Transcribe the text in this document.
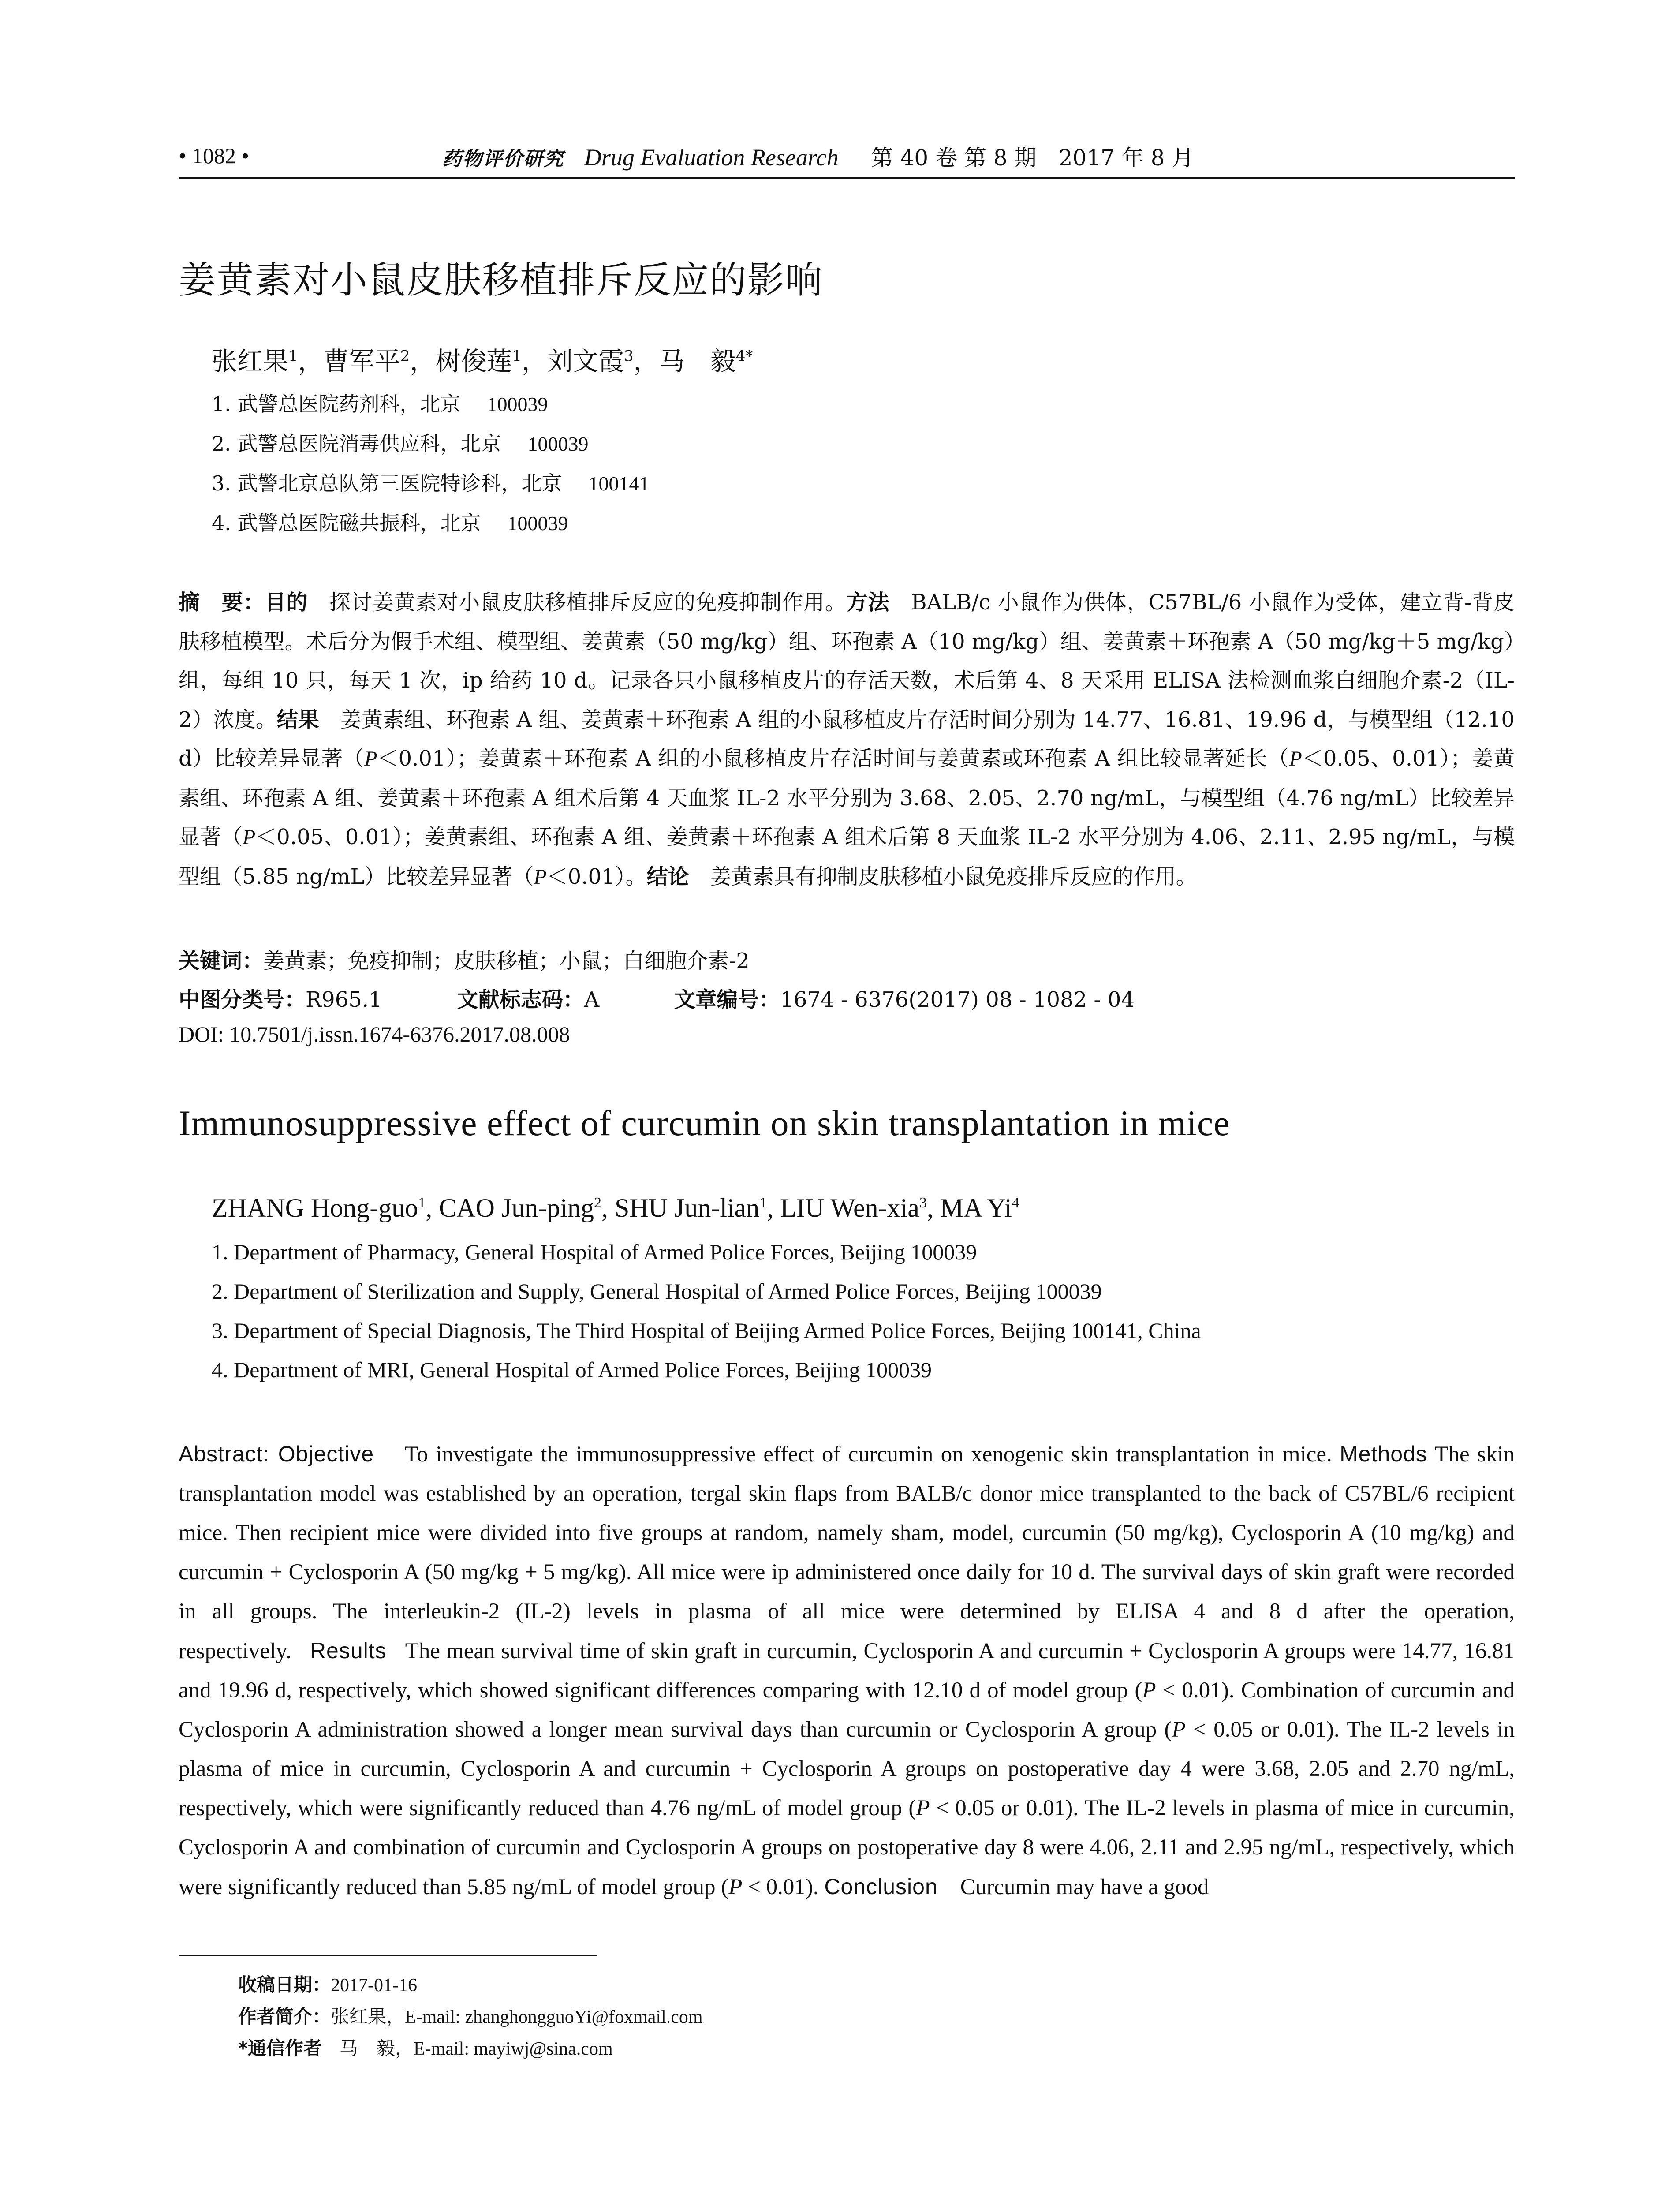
• 1082 •	药物评价研究 Drug Evaluation Research 第 40 卷 第 8 期　2017 年 8 月
姜黄素对小鼠皮肤移植排斥反应的影响
张红果$^1$，曹军平$^2$，树俊莲$^1$，刘文霞$^3$，马　毅$^{4*}$
1. 武警总医院药剂科，北京 100039
2. 武警总医院消毒供应科，北京 100039
3. 武警北京总队第三医院特诊科，北京 100141
4. 武警总医院磁共振科，北京 100039
摘　要：目的　 探讨姜黄素对小鼠皮肤移植排斥反应的免疫抑制作用。方法　 BALB/c 小鼠作为供体，C57BL/6 小鼠作为受体，建立背-背皮肤移植模型。术后分为假手术组、模型组、姜黄素（50 mg/kg）组、环孢素 A（10 mg/kg）组、姜黄素＋环孢素 A（50 mg/kg＋5 mg/kg）组，每组 10 只，每天 1 次，ip 给药 10 d。记录各只小鼠移植皮片的存活天数，术后第 4、8 天采用 ELISA 法检测血浆白细胞介素-2（IL-2）浓度。结果　 姜黄素组、环孢素 A 组、姜黄素＋环孢素 A 组的小鼠移植皮片存活时间分别为 14.77、16.81、19.96 d，与模型组（12.10 d）比较差异显著（P＜0.01）；姜黄素＋环孢素 A 组的小鼠移植皮片存活时间与姜黄素或环孢素 A 组比较显著延长（P＜0.05、0.01）；姜黄素组、环孢素 A 组、姜黄素＋环孢素 A 组术后第 4 天血浆 IL-2 水平分别为 3.68、2.05、2.70 ng/mL，与模型组（4.76 ng/mL）比较差异显著（P＜0.05、0.01）；姜黄素组、环孢素 A 组、姜黄素＋环孢素 A 组术后第 8 天血浆 IL-2 水平分别为 4.06、2.11、2.95 ng/mL，与模型组（5.85 ng/mL）比较差异显著（P＜0.01）。结论　 姜黄素具有抑制皮肤移植小鼠免疫排斥反应的作用。
关键词：姜黄素；免疫抑制；皮肤移植；小鼠；白细胞介素-2
中图分类号：R965.1	文献标志码：A	文章编号：1674 - 6376(2017) 08 - 1082 - 04
DOI: 10.7501/j.issn.1674-6376.2017.08.008
Immunosuppressive effect of curcumin on skin transplantation in mice
ZHANG Hong-guo$^1$, CAO Jun-ping$^2$, SHU Jun-lian$^1$, LIU Wen-xia$^3$, MA Yi$^4$
1. Department of Pharmacy, General Hospital of Armed Police Forces, Beijing 100039
2. Department of Sterilization and Supply, General Hospital of Armed Police Forces, Beijing 100039
3. Department of Special Diagnosis, The Third Hospital of Beijing Armed Police Forces, Beijing 100141, China
4. Department of MRI, General Hospital of Armed Police Forces, Beijing 100039
Abstract: Objective To investigate the immunosuppressive effect of curcumin on xenogenic skin transplantation in mice. Methods The skin transplantation model was established by an operation, tergal skin flaps from BALB/c donor mice transplanted to the back of C57BL/6 recipient mice. Then recipient mice were divided into five groups at random, namely sham, model, curcumin (50 mg/kg), Cyclosporin A (10 mg/kg) and curcumin + Cyclosporin A (50 mg/kg + 5 mg/kg). All mice were ip administered once daily for 10 d. The survival days of skin graft were recorded in all groups. The interleukin-2 (IL-2) levels in plasma of all mice were determined by ELISA 4 and 8 d after the operation, respectively. Results The mean survival time of skin graft in curcumin, Cyclosporin A and curcumin + Cyclosporin A groups were 14.77, 16.81 and 19.96 d, respectively, which showed significant differences comparing with 12.10 d of model group (P < 0.01). Combination of curcumin and Cyclosporin A administration showed a longer mean survival days than curcumin or Cyclosporin A group (P < 0.05 or 0.01). The IL-2 levels in plasma of mice in curcumin, Cyclosporin A and curcumin + Cyclosporin A groups on postoperative day 4 were 3.68, 2.05 and 2.70 ng/mL, respectively, which were significantly reduced than 4.76 ng/mL of model group (P < 0.05 or 0.01). The IL-2 levels in plasma of mice in curcumin, Cyclosporin A and combination of curcumin and Cyclosporin A groups on postoperative day 8 were 4.06, 2.11 and 2.95 ng/mL, respectively, which were significantly reduced than 5.85 ng/mL of model group (P < 0.01). Conclusion Curcumin may have a good
收稿日期：2017-01-16
作者简介：张红果，E-mail: zhanghongguoYi@foxmail.com
*通信作者 马　毅，E-mail: mayiwj@sina.com
